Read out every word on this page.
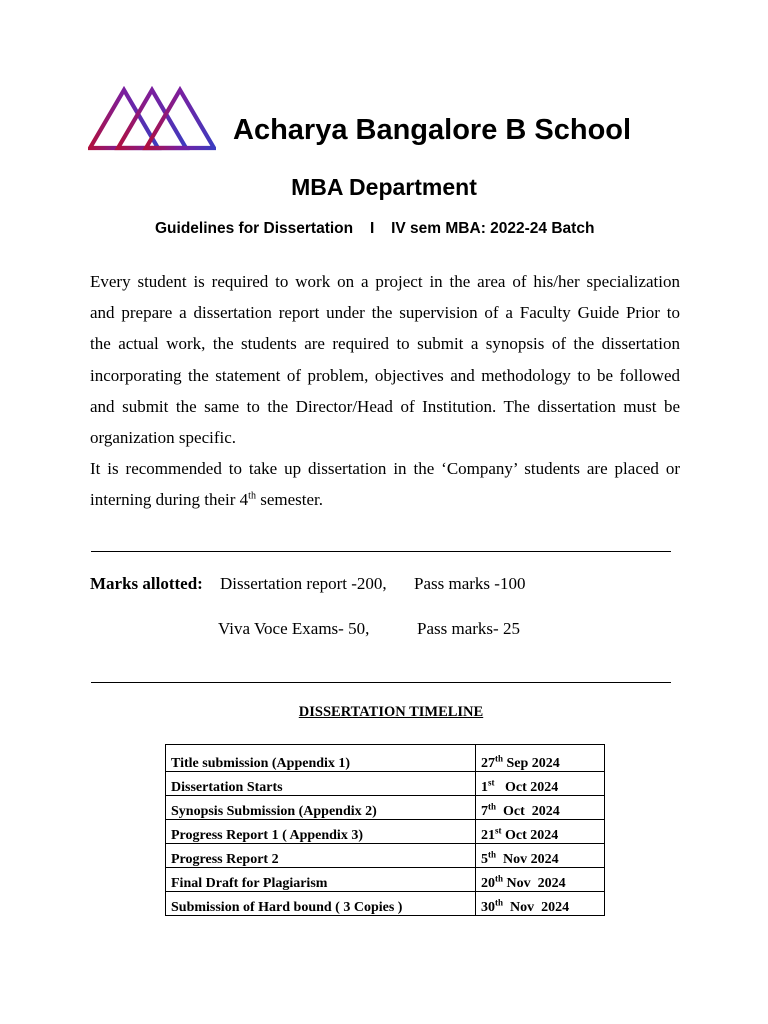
Acharya Bangalore B School
MBA Department
Guidelines for Dissertation I IV sem MBA: 2022-24 Batch
Every student is required to work on a project in the area of his/her specialization
and prepare a dissertation report under the supervision of a Faculty Guide Prior to
the actual work, the students are required to submit a synopsis of the dissertation
incorporating the statement of problem, objectives and methodology to be followed
and submit the same to the Director/Head of Institution. The dissertation must be
organization specific.
It is recommended to take up dissertation in the ‘Company’ students are placed or
interning during their 4th semester.
Marks allotted: Dissertation report -200, Pass marks -100
Viva Voce Exams- 50,	Pass marks- 25
DISSERTATION TIMELINE
Title submission (Appendix 1)	27th Sep 2024
Dissertation Starts	1st   Oct 2024
Synopsis Submission (Appendix 2)	7th  Oct  2024
Progress Report 1 ( Appendix 3)	21st Oct 2024
Progress Report 2	5th  Nov 2024
Final Draft for Plagiarism	20th Nov  2024
Submission of Hard bound ( 3 Copies )	30th  Nov  2024
